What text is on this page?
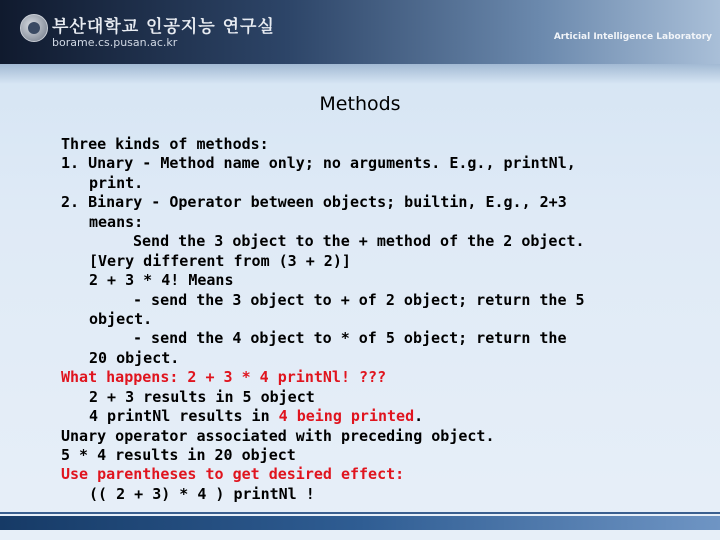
부산대학교 인공지능 연구실
borame.cs.pusan.ac.kr	Articial Intelligence Laboratory
Methods
Three kinds of methods:
1. Unary - Method name only; no arguments. E.g., printNl,
print.
2. Binary - Operator between objects; builtin, E.g., 2+3
means:
Send the 3 object to the + method of the 2 object.
[Very different from (3 + 2)]
2 + 3 * 4! Means
- send the 3 object to + of 2 object; return the 5
object.
- send the 4 object to * of 5 object; return the
20 object.
What happens: 2 + 3 * 4 printNl! ???
2 + 3 results in 5 object
4 printNl results in 4 being printed.
Unary operator associated with preceding object.
5 * 4 results in 20 object
Use parentheses to get desired effect:
(( 2 + 3) * 4 ) printNl !
